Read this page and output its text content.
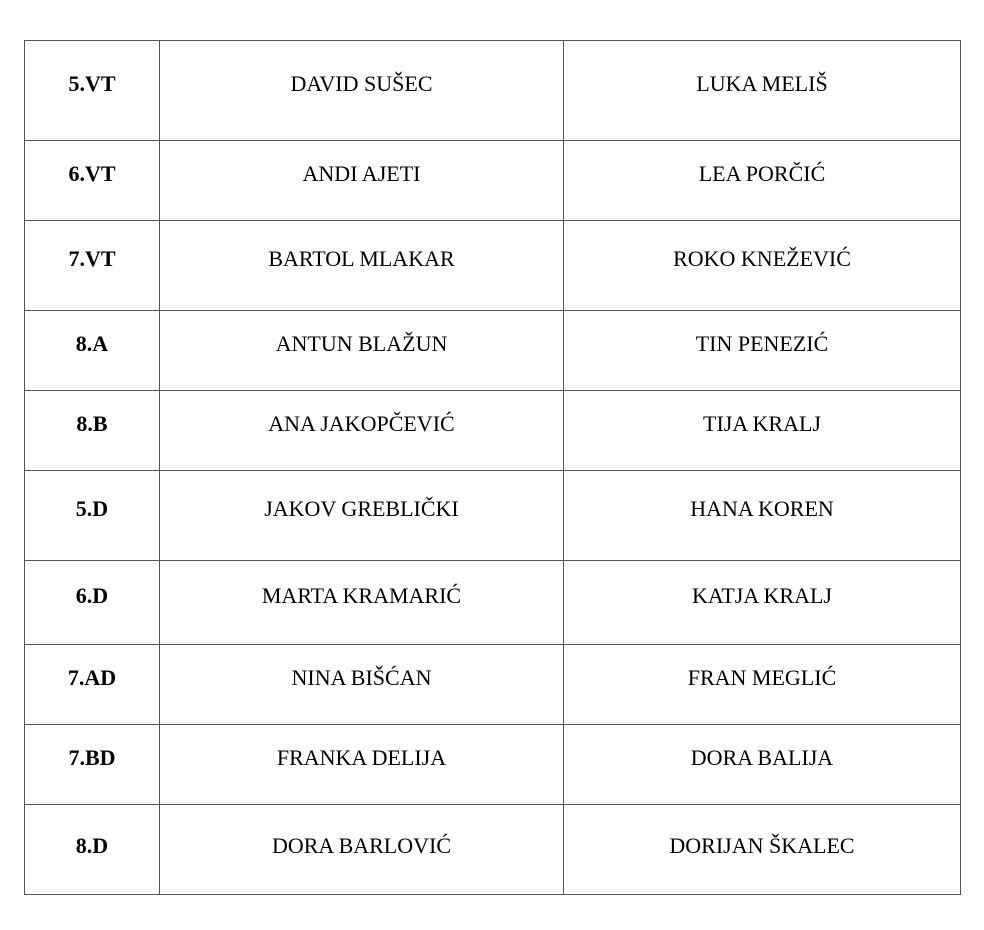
5.VT	DAVID SUŠEC	LUKA MELIŠ
6.VT	ANDI AJETI	LEA PORČIĆ
7.VT	BARTOL MLAKAR	ROKO KNEŽEVIĆ
8.A	ANTUN BLAŽUN	TIN PENEZIĆ
8.B	ANA JAKOPČEVIĆ	TIJA KRALJ
5.D	JAKOV GREBLIČKI	HANA KOREN
6.D	MARTA KRAMARIĆ	KATJA KRALJ
7.AD	NINA BIŠĆAN	FRAN MEGLIĆ
7.BD	FRANKA DELIJA	DORA BALIJA
8.D	DORA BARLOVIĆ	DORIJAN ŠKALEC
